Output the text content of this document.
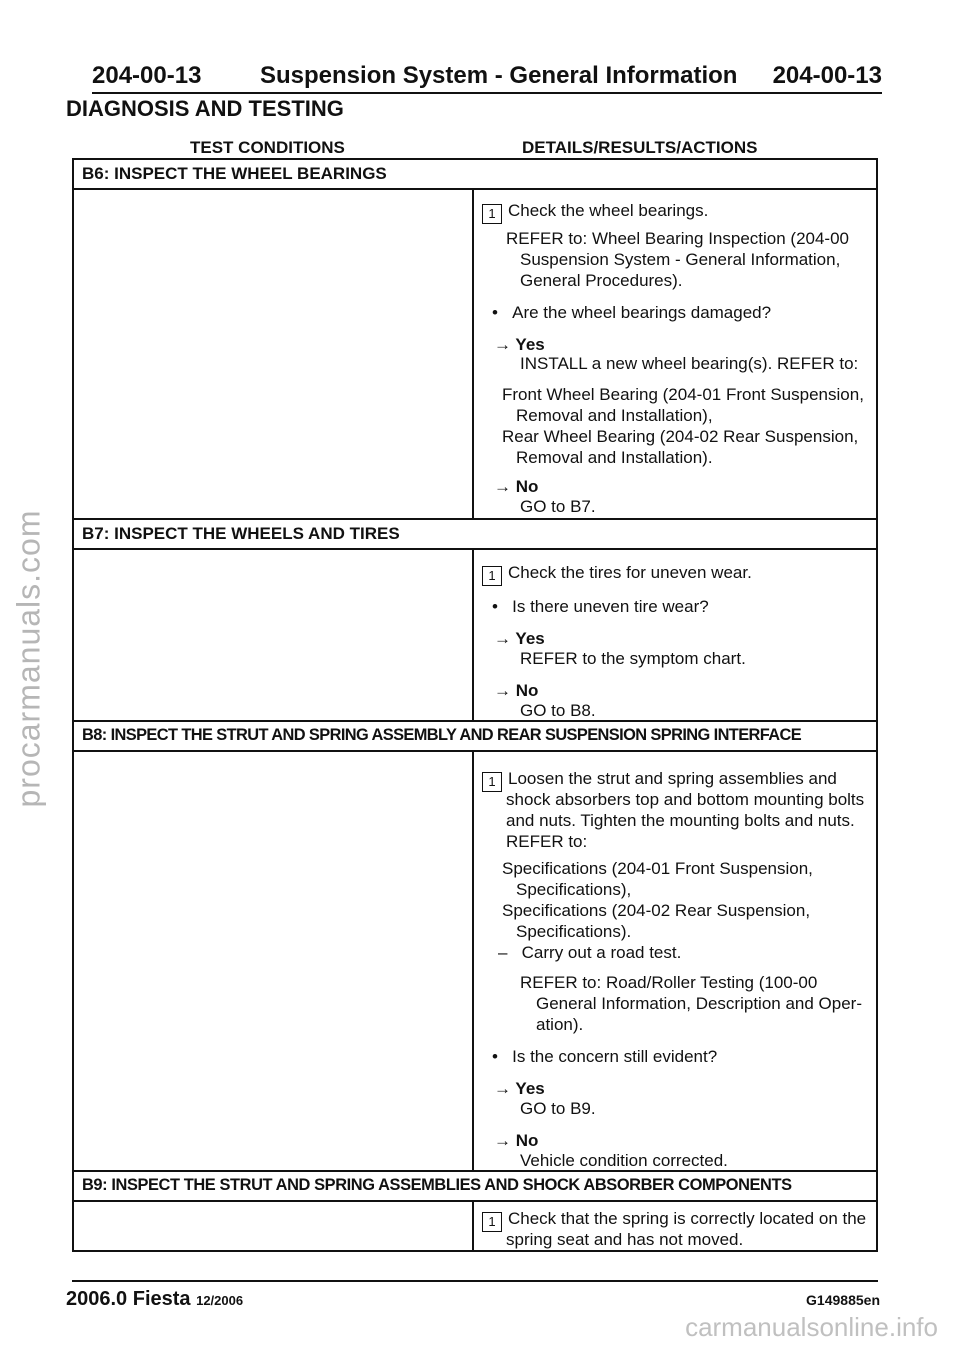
204-00-13 Suspension System - General Information 204-00-13
DIAGNOSIS AND TESTING
TEST CONDITIONS	DETAILS/RESULTS/ACTIONS
B6: INSPECT THE WHEEL BEARINGS
1 Check the wheel bearings.
REFER to: Wheel Bearing Inspection (204-00
Suspension System - General Information,
General Procedures).
• Are the wheel bearings damaged?
→ Yes
INSTALL a new wheel bearing(s). REFER to:
Front Wheel Bearing (204-01 Front Suspension,
Removal and Installation),
Rear Wheel Bearing (204-02 Rear Suspension,
Removal and Installation).
→ No
GO to B7.
B7: INSPECT THE WHEELS AND TIRES
1 Check the tires for uneven wear.
• Is there uneven tire wear?
→ Yes
REFER to the symptom chart.
→ No
GO to B8.
B8: INSPECT THE STRUT AND SPRING ASSEMBLY AND REAR SUSPENSION SPRING INTERFACE
1 Loosen the strut and spring assemblies and
shock absorbers top and bottom mounting bolts
and nuts. Tighten the mounting bolts and nuts.
REFER to:
Specifications (204-01 Front Suspension,
Specifications),
Specifications (204-02 Rear Suspension,
Specifications).
– Carry out a road test.
REFER to: Road/Roller Testing (100-00
General Information, Description and Oper-
ation).
• Is the concern still evident?
→ Yes
GO to B9.
→ No
Vehicle condition corrected.
B9: INSPECT THE STRUT AND SPRING ASSEMBLIES AND SHOCK ABSORBER COMPONENTS
1 Check that the spring is correctly located on the
spring seat and has not moved.
2006.0 Fiesta 12/2006	G149885en
procarmanuals.com
carmanualsonline.info
